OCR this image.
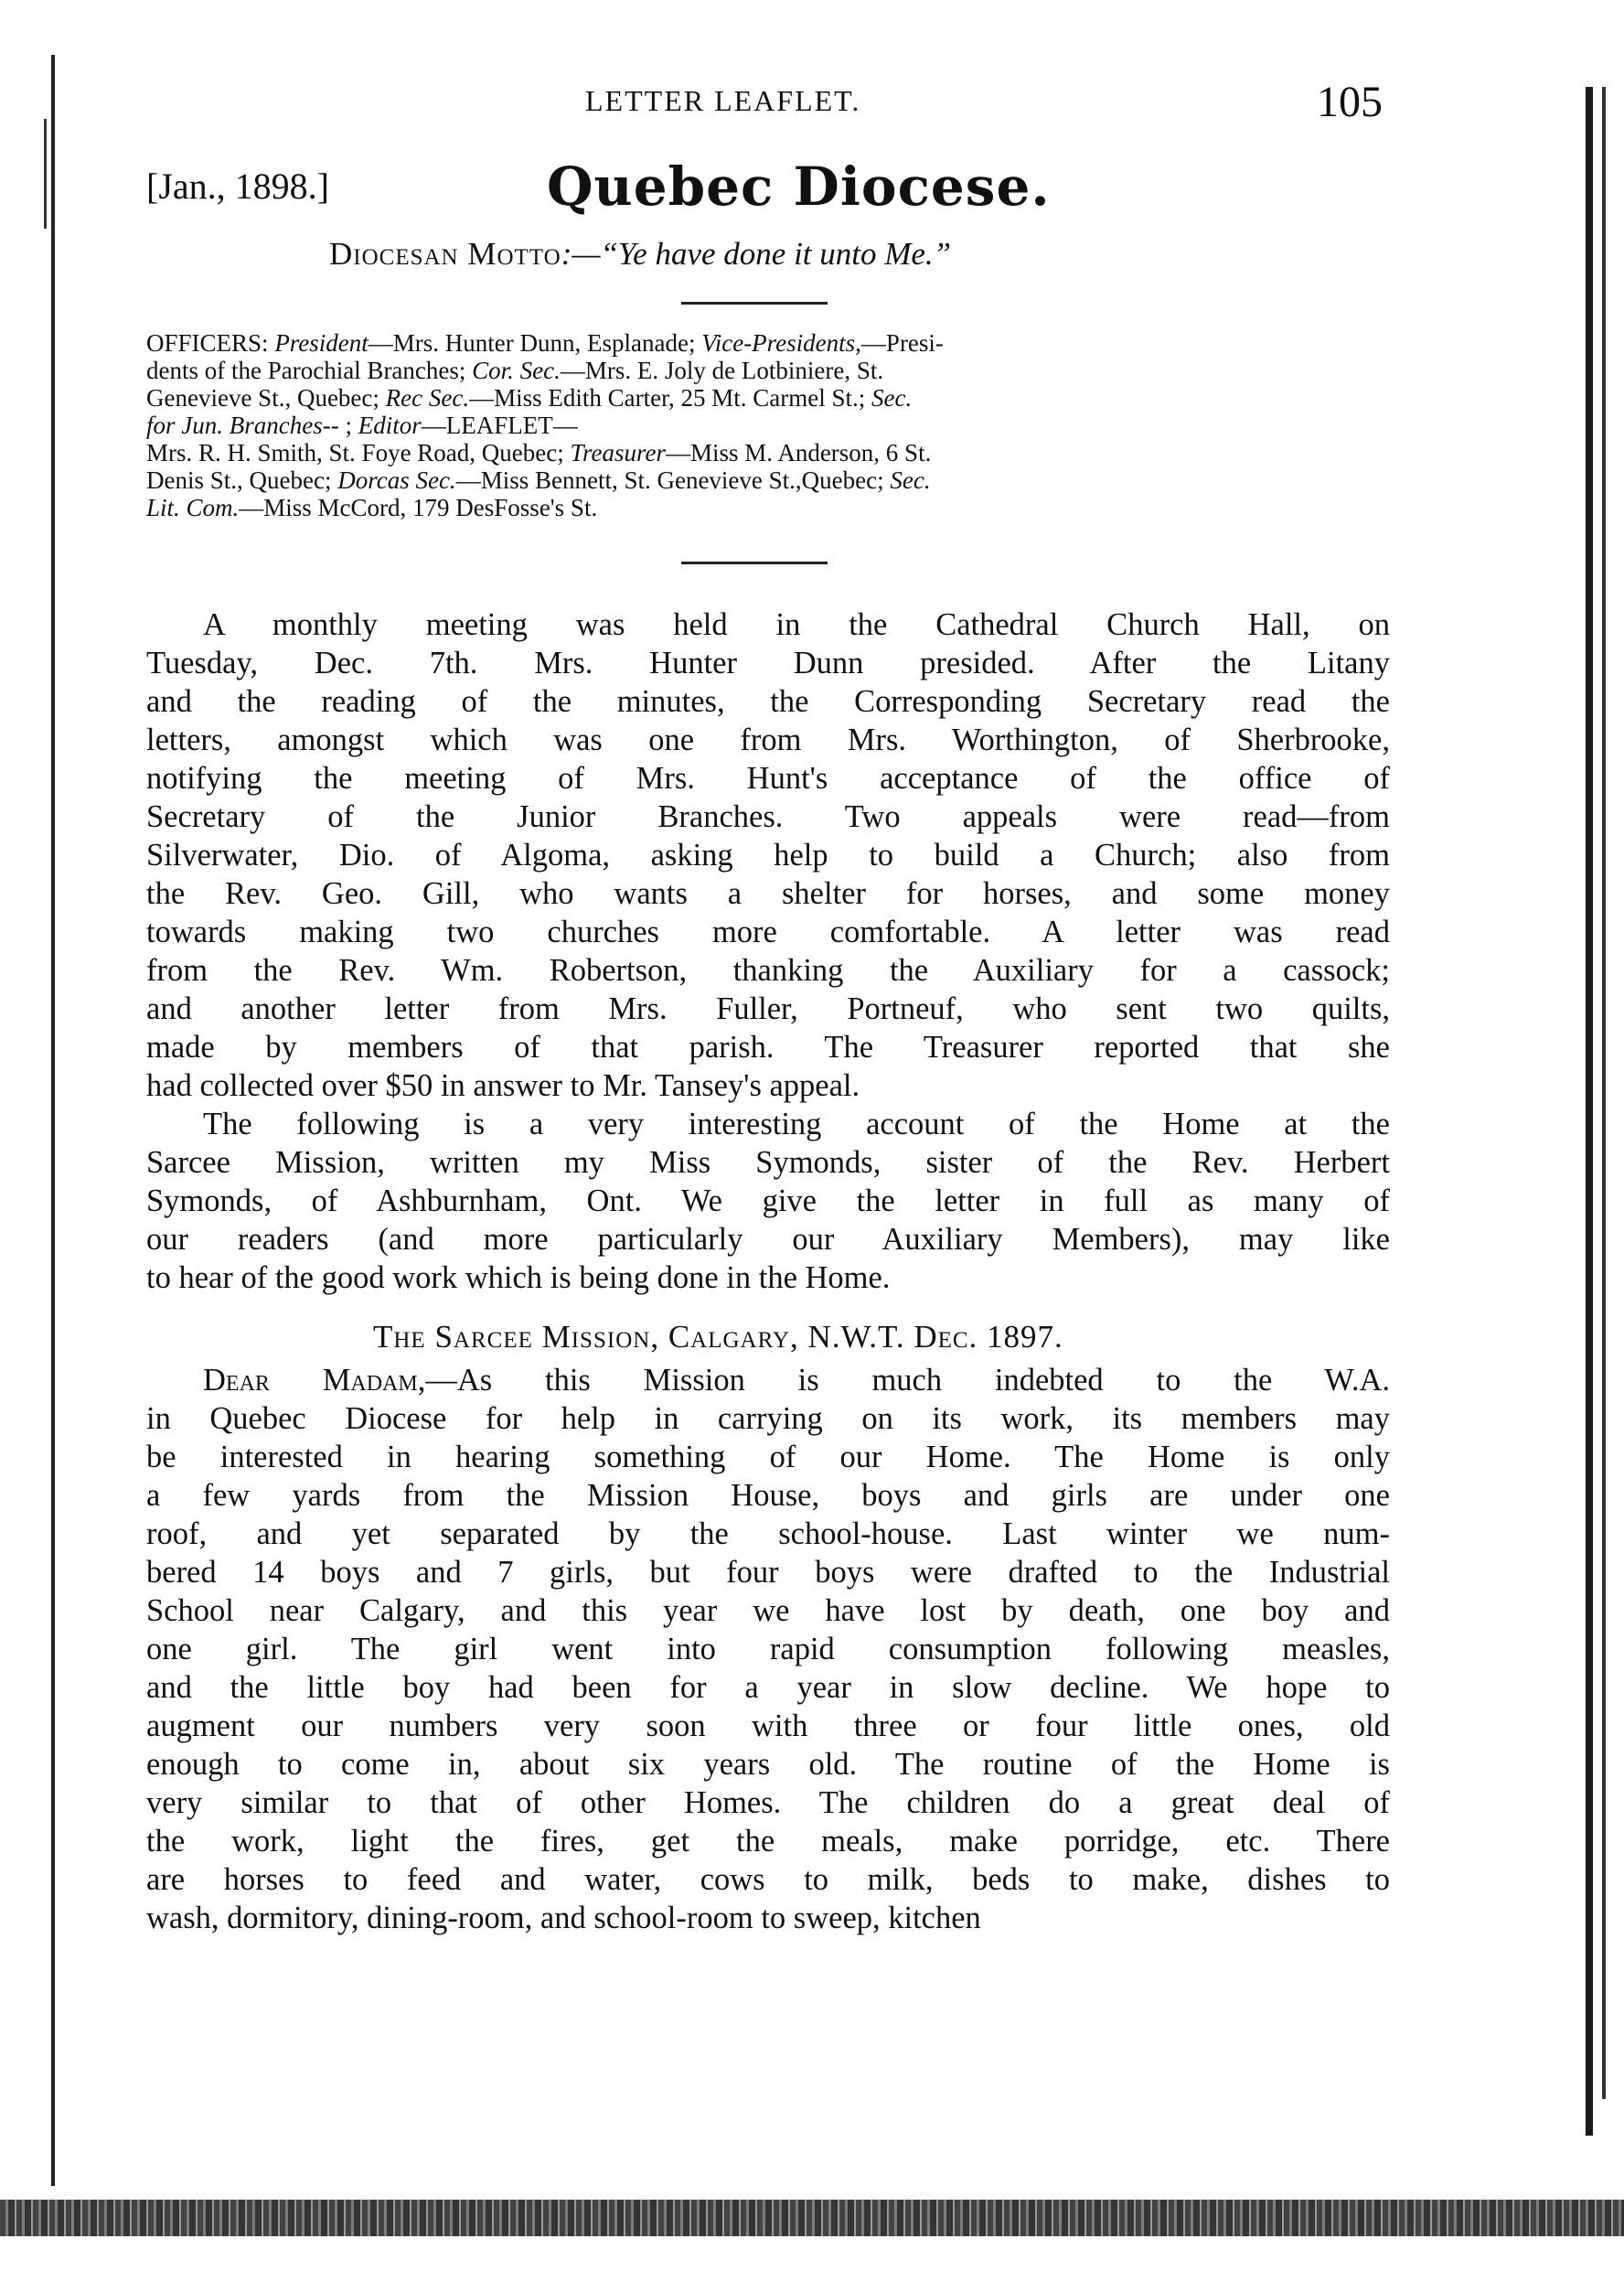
LETTER LEAFLET.	105
[Jan., 1898.]	Quebec Diocese.
Diocesan Motto:—“Ye have done it unto Me.”
OFFICERS: President—Mrs. Hunter Dunn, Esplanade; Vice-Presidents,—Presi-
dents of the Parochial Branches; Cor. Sec.—Mrs. E. Joly de Lotbiniere, St.
Genevieve St., Quebec; Rec Sec.—Miss Edith Carter, 25 Mt. Carmel St.; Sec.
for Jun. Branches-- ; Editor—LEAFLET—
Mrs. R. H. Smith, St. Foye Road, Quebec; Treasurer—Miss M. Anderson, 6 St.
Denis St., Quebec; Dorcas Sec.—Miss Bennett, St. Genevieve St.,Quebec; Sec.
Lit. Com.—Miss McCord, 179 DesFosse's St.
A monthly meeting was held in the Cathedral Church Hall, on
Tuesday, Dec. 7th. Mrs. Hunter Dunn presided. After the Litany
and the reading of the minutes, the Corresponding Secretary read the
letters, amongst which was one from Mrs. Worthington, of Sherbrooke,
notifying the meeting of Mrs. Hunt's acceptance of the office of
Secretary of the Junior Branches. Two appeals were read—from
Silverwater, Dio. of Algoma, asking help to build a Church; also from
the Rev. Geo. Gill, who wants a shelter for horses, and some money
towards making two churches more comfortable. A letter was read
from the Rev. Wm. Robertson, thanking the Auxiliary for a cassock;
and another letter from Mrs. Fuller, Portneuf, who sent two quilts,
made by members of that parish. The Treasurer reported that she
had collected over $50 in answer to Mr. Tansey's appeal.
The following is a very interesting account of the Home at the
Sarcee Mission, written my Miss Symonds, sister of the Rev. Herbert
Symonds, of Ashburnham, Ont. We give the letter in full as many of
our readers (and more particularly our Auxiliary Members), may like
to hear of the good work which is being done in the Home.
The Sarcee Mission, Calgary, N.W.T. Dec. 1897.
Dear Madam,—As this Mission is much indebted to the W.A.
in Quebec Diocese for help in carrying on its work, its members may
be interested in hearing something of our Home. The Home is only
a few yards from the Mission House, boys and girls are under one
roof, and yet separated by the school-house. Last winter we num-
bered 14 boys and 7 girls, but four boys were drafted to the Industrial
School near Calgary, and this year we have lost by death, one boy and
one girl. The girl went into rapid consumption following measles,
and the little boy had been for a year in slow decline. We hope to
augment our numbers very soon with three or four little ones, old
enough to come in, about six years old. The routine of the Home is
very similar to that of other Homes. The children do a great deal of
the work, light the fires, get the meals, make porridge, etc. There
are horses to feed and water, cows to milk, beds to make, dishes to
wash, dormitory, dining-room, and school-room to sweep, kitchen
